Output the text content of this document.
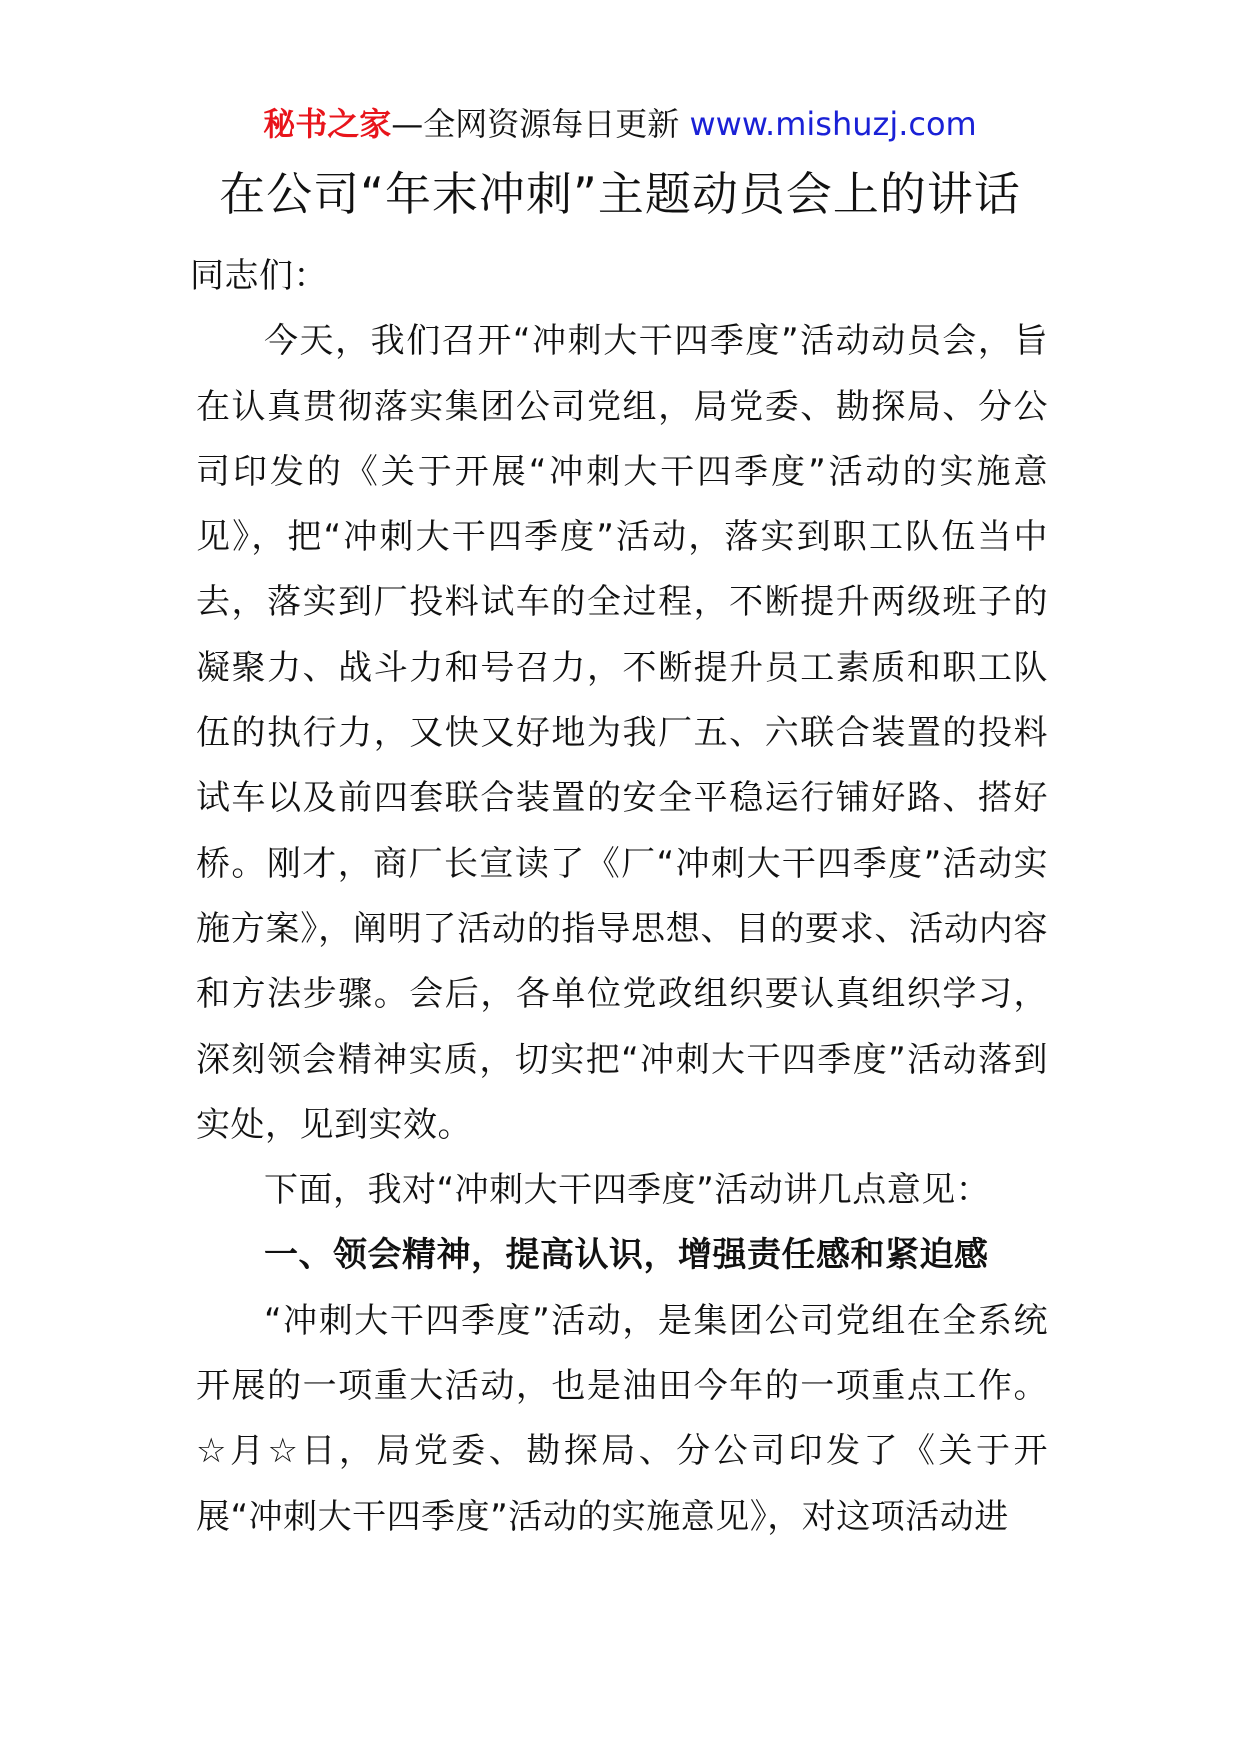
秘书之家—全网资源每日更新 www.mishuzj.com
在公司“年末冲刺”主题动员会上的讲话

同志们：

今天，我们召开“冲刺大干四季度”活动动员会，旨在认真贯彻落实集团公司党组，局党委、勘探局、分公司印发的《关于开展“冲刺大干四季度”活动的实施意见》，把“冲刺大干四季度”活动，落实到职工队伍当中去，落实到厂投料试车的全过程，不断提升两级班子的凝聚力、战斗力和号召力，不断提升员工素质和职工队伍的执行力，又快又好地为我厂五、六联合装置的投料试车以及前四套联合装置的安全平稳运行铺好路、搭好桥。刚才，商厂长宣读了《厂“冲刺大干四季度”活动实施方案》，阐明了活动的指导思想、目的要求、活动内容和方法步骤。会后，各单位党政组织要认真组织学习，深刻领会精神实质，切实把“冲刺大干四季度”活动落到实处，见到实效。

下面，我对“冲刺大干四季度”活动讲几点意见：

一、领会精神，提高认识，增强责任感和紧迫感

“冲刺大干四季度”活动，是集团公司党组在全系统开展的一项重大活动，也是油田今年的一项重点工作。☆月☆日，局党委、勘探局、分公司印发了《关于开展“冲刺大干四季度”活动的实施意见》，对这项活动进
